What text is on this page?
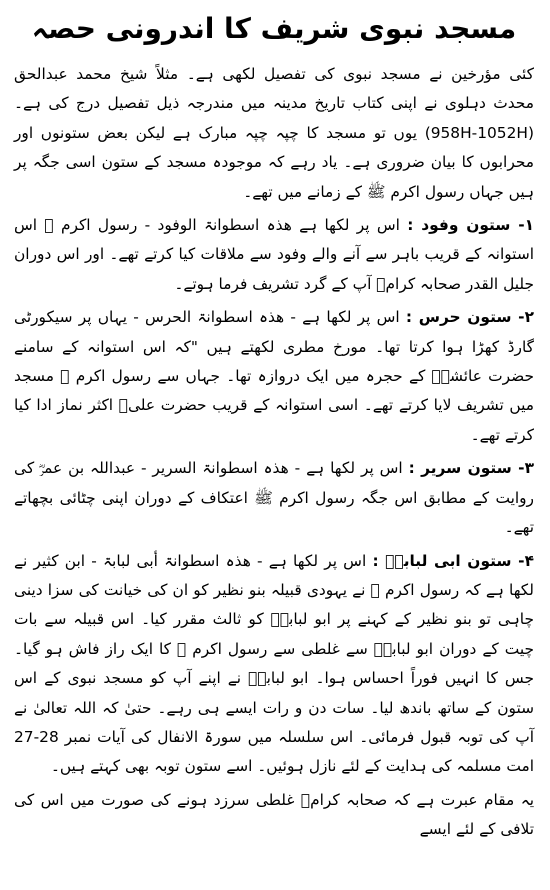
مسجد نبوی شریف کا اندرونی حصہ

کئی مؤرخین نے مسجد نبوی کی تفصیل لکھی ہے۔ مثلاً شیخ محمد عبدالحق محدث دہلوی نے اپنی کتاب تاریخ مدینہ میں مندرجہ ذیل تفصیل درج کی ہے۔ (958H-1052H) یوں تو مسجد کا چپہ چپہ مبارک ہے لیکن بعض ستونوں اور محرابوں کا بیان ضروری ہے۔ یاد رہے کہ موجودہ مسجد کے ستون اسی جگہ پر ہیں جہاں رسول اکرم ﷺ کے زمانے میں تھے۔

۱- ستون وفود : اس پر لکھا ہے ھذہ اسطوانۃ الوفود - رسول اکرم ﷺ اس استوانہ کے قریب باہر سے آنے والے وفود سے ملاقات کیا کرتے تھے۔ اور اس دوران جلیل القدر صحابہ کرامؓ آپ کے گرد تشریف فرما ہوتے۔

۲- ستون حرس : اس پر لکھا ہے - ھذہ اسطوانۃ الحرس - یہاں پر سیکورٹی گارڈ کھڑا ہوا کرتا تھا۔ مورخ مطری لکھتے ہیں "کہ اس استوانہ کے سامنے حضرت عائشہؓ کے حجرہ میں ایک دروازہ تھا۔ جہاں سے رسول اکرم ﷺ مسجد میں تشریف لایا کرتے تھے۔ اسی استوانہ کے قریب حضرت علیؓ اکثر نماز ادا کیا کرتے تھے۔

۳- ستون سریر : اس پر لکھا ہے - ھذہ اسطوانۃ السریر - عبداللہ بن عمرؓ کی روایت کے مطابق اس جگہ رسول اکرم ﷺ اعتکاف کے دوران اپنی چٹائی بچھاتے تھے۔

۴- ستون ابی لبابہؓ : اس پر لکھا ہے - ھذہ اسطوانۃ أبی لبابۃ - ابن کثیر نے لکھا ہے کہ رسول اکرم ﷺ نے یہودی قبیلہ بنو نظیر کو ان کی خیانت کی سزا دینی چاہی تو بنو نظیر کے کہنے پر ابو لبابہؓ کو ثالث مقرر کیا۔ اس قبیلہ سے بات چیت کے دوران ابو لبابہؓ سے غلطی سے رسول اکرم ﷺ کا ایک راز فاش ہو گیا۔ جس کا انہیں فوراً احساس ہوا۔ ابو لبابہؓ نے اپنے آپ کو مسجد نبوی کے اس ستون کے ساتھ باندھ لیا۔ سات دن و رات ایسے ہی رہے۔ حتیٰ کہ اللہ تعالیٰ نے آپ کی توبہ قبول فرمائی۔ اس سلسلہ میں سورۃ الانفال کی آیات نمبر 28-27 امت مسلمہ کی ہدایت کے لئے نازل ہوئیں۔ اسے ستون توبہ بھی کہتے ہیں۔

یہ مقام عبرت ہے کہ صحابہ کرامؓ غلطی سرزد ہونے کی صورت میں اس کی تلافی کے لئے ایسے
